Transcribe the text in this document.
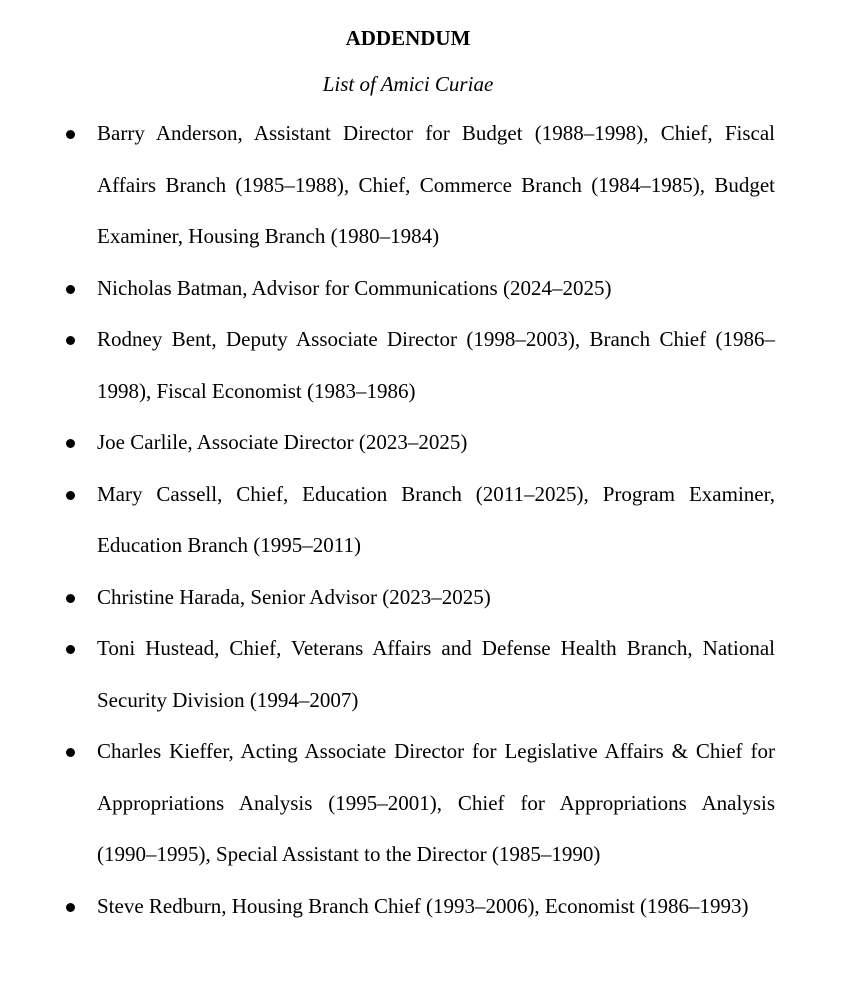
ADDENDUM
List of Amici Curiae
Barry Anderson, Assistant Director for Budget (1988–1998), Chief, Fiscal Affairs Branch (1985–1988), Chief, Commerce Branch (1984–1985), Budget Examiner, Housing Branch (1980–1984)
Nicholas Batman, Advisor for Communications (2024–2025)
Rodney Bent, Deputy Associate Director (1998–2003), Branch Chief (1986–1998), Fiscal Economist (1983–1986)
Joe Carlile, Associate Director (2023–2025)
Mary Cassell, Chief, Education Branch (2011–2025), Program Examiner, Education Branch (1995–2011)
Christine Harada, Senior Advisor (2023–2025)
Toni Hustead, Chief, Veterans Affairs and Defense Health Branch, National Security Division (1994–2007)
Charles Kieffer, Acting Associate Director for Legislative Affairs & Chief for Appropriations Analysis (1995–2001), Chief for Appropriations Analysis (1990–1995), Special Assistant to the Director (1985–1990)
Steve Redburn, Housing Branch Chief (1993–2006), Economist (1986–1993)
